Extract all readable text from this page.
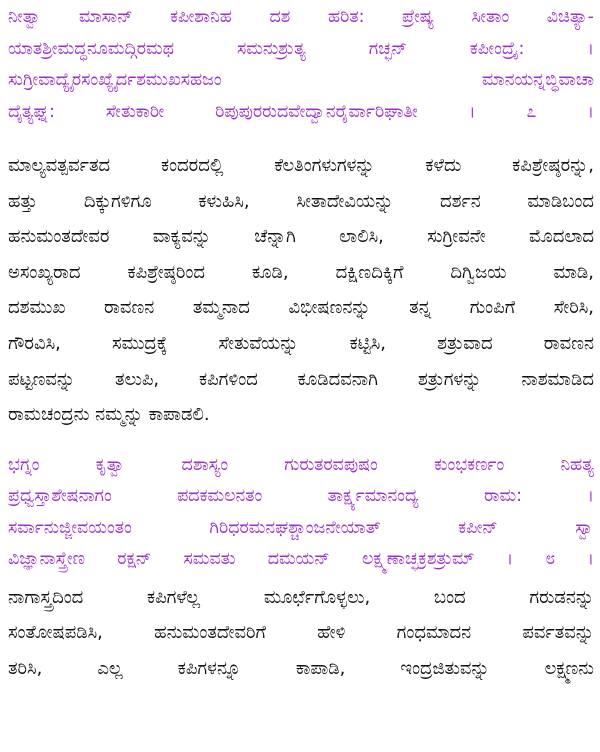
ನೀತ್ವಾ ಮಾಸಾನ್ ಕಪೀಶಾನಿಹ ದಶ ಹರಿತ: ಪ್ರೇಷ್ಯ ಸೀತಾಂ ವಿಚಿತ್ಯಾ-
ಯಾತಶ್ರೀಮದ್ಧನೂಮದ್ಗಿರಮಥ ಸಮನುಶ್ರುತ್ಯ ಗಚ್ಛನ್ ಕಪೀಂದ್ರೈ: ।
ಸುಗ್ರೀವಾದ್ಯೈರಸಂಖ್ಯೈರ್ದಶಮುಖಸಹಜಂ ಮಾನಯನ್ನಬ್ಧಿವಾಚಾ
ದೈತ್ಯಘ್ನ: ಸೇತುಕಾರೀ ರಿಪುಪುರರುದವೇದ್ವಾನರೈರ್ವಾರಿಘಾತೀ । ೭ ।
ಮಾಲ್ಯವತ್ಪರ್ವತದ ಕಂದರದಲ್ಲಿ ಕೆಲತಿಂಗಳುಗಳನ್ನು ಕಳೆದು ಕಪಿಶ್ರೇಷ್ಠರನ್ನು,
ಹತ್ತು ದಿಕ್ಕುಗಳಿಗೂ ಕಳುಹಿಸಿ, ಸೀತಾದೇವಿಯನ್ನು ದರ್ಶನ ಮಾಡಿಬಂದ
ಹನುಮಂತದೇವರ ವಾಕ್ಯವನ್ನು ಚೆನ್ನಾಗಿ ಲಾಲಿಸಿ, ಸುಗ್ರೀವನೇ ಮೊದಲಾದ
ಅಸಂಖ್ಯರಾದ ಕಪಿಶ್ರೇಷ್ಠರಿಂದ ಕೂಡಿ, ದಕ್ಷಿಣದಿಕ್ಕಿಗೆ ದಿಗ್ವಿಜಯ ಮಾಡಿ,
ದಶಮುಖ ರಾವಣನ ತಮ್ಮನಾದ ವಿಭೀಷಣನನ್ನು ತನ್ನ ಗುಂಪಿಗೆ ಸೇರಿಸಿ,
ಗೌರವಿಸಿ, ಸಮುದ್ರಕ್ಕೆ ಸೇತುವೆಯನ್ನು ಕಟ್ಟಿಸಿ, ಶತ್ರುವಾದ ರಾವಣನ
ಪಟ್ಟಣವನ್ನು ತಲುಪಿ, ಕಪಿಗಳಿಂದ ಕೂಡಿದವನಾಗಿ ಶತ್ರುಗಳನ್ನು ನಾಶಮಾಡಿದ
ರಾಮಚಂದ್ರನು ನಮ್ಮನ್ನು ಕಾಪಾಡಲಿ.
ಭಗ್ನಂ ಕೃತ್ವಾ ದಶಾಸ್ಯಂ ಗುರುತರವಪುಷಂ ಕುಂಭಕರ್ಣಂ ನಿಹತ್ಯ
ಪ್ರಧ್ವಸ್ತಾಶೇಷನಾಗಂ ಪದಕಮಲನತಂ ತಾರ್ಕ್ಷ್ಯಮಾನಂದ್ಯ ರಾಮ: ।
ಸರ್ವಾನುಜ್ಜೀವಯಂತಂ ಗಿರಿಧರಮನಘಶ್ಚಾಂಜನೇಯಾತ್ ಕಪೀನ್ ಸ್ವಾ
ವಿಜ್ಞಾನಾಸ್ತ್ರೇಣ ರಕ್ಷನ್ ಸಮವತು ದಮಯನ್ ಲಕ್ಷ್ಮಣಾಚ್ಛಕ್ರಶತ್ರುಮ್ । ೮ ।
ನಾಗಾಸ್ತ್ರದಿಂದ ಕಪಿಗಳೆಲ್ಲ ಮೂರ್ಛೆಗೊಳ್ಳಲು, ಬಂದ ಗರುಡನನ್ನು
ಸಂತೋಷಪಡಿಸಿ, ಹನುಮಂತದೇವರಿಗೆ ಹೇಳಿ ಗಂಧಮಾದನ ಪರ್ವತವನ್ನು
ತರಿಸಿ, ಎಲ್ಲ ಕಪಿಗಳನ್ನೂ ಕಾಪಾಡಿ, ಇಂದ್ರಜಿತುವನ್ನು ಲಕ್ಷ್ಮಣನು
